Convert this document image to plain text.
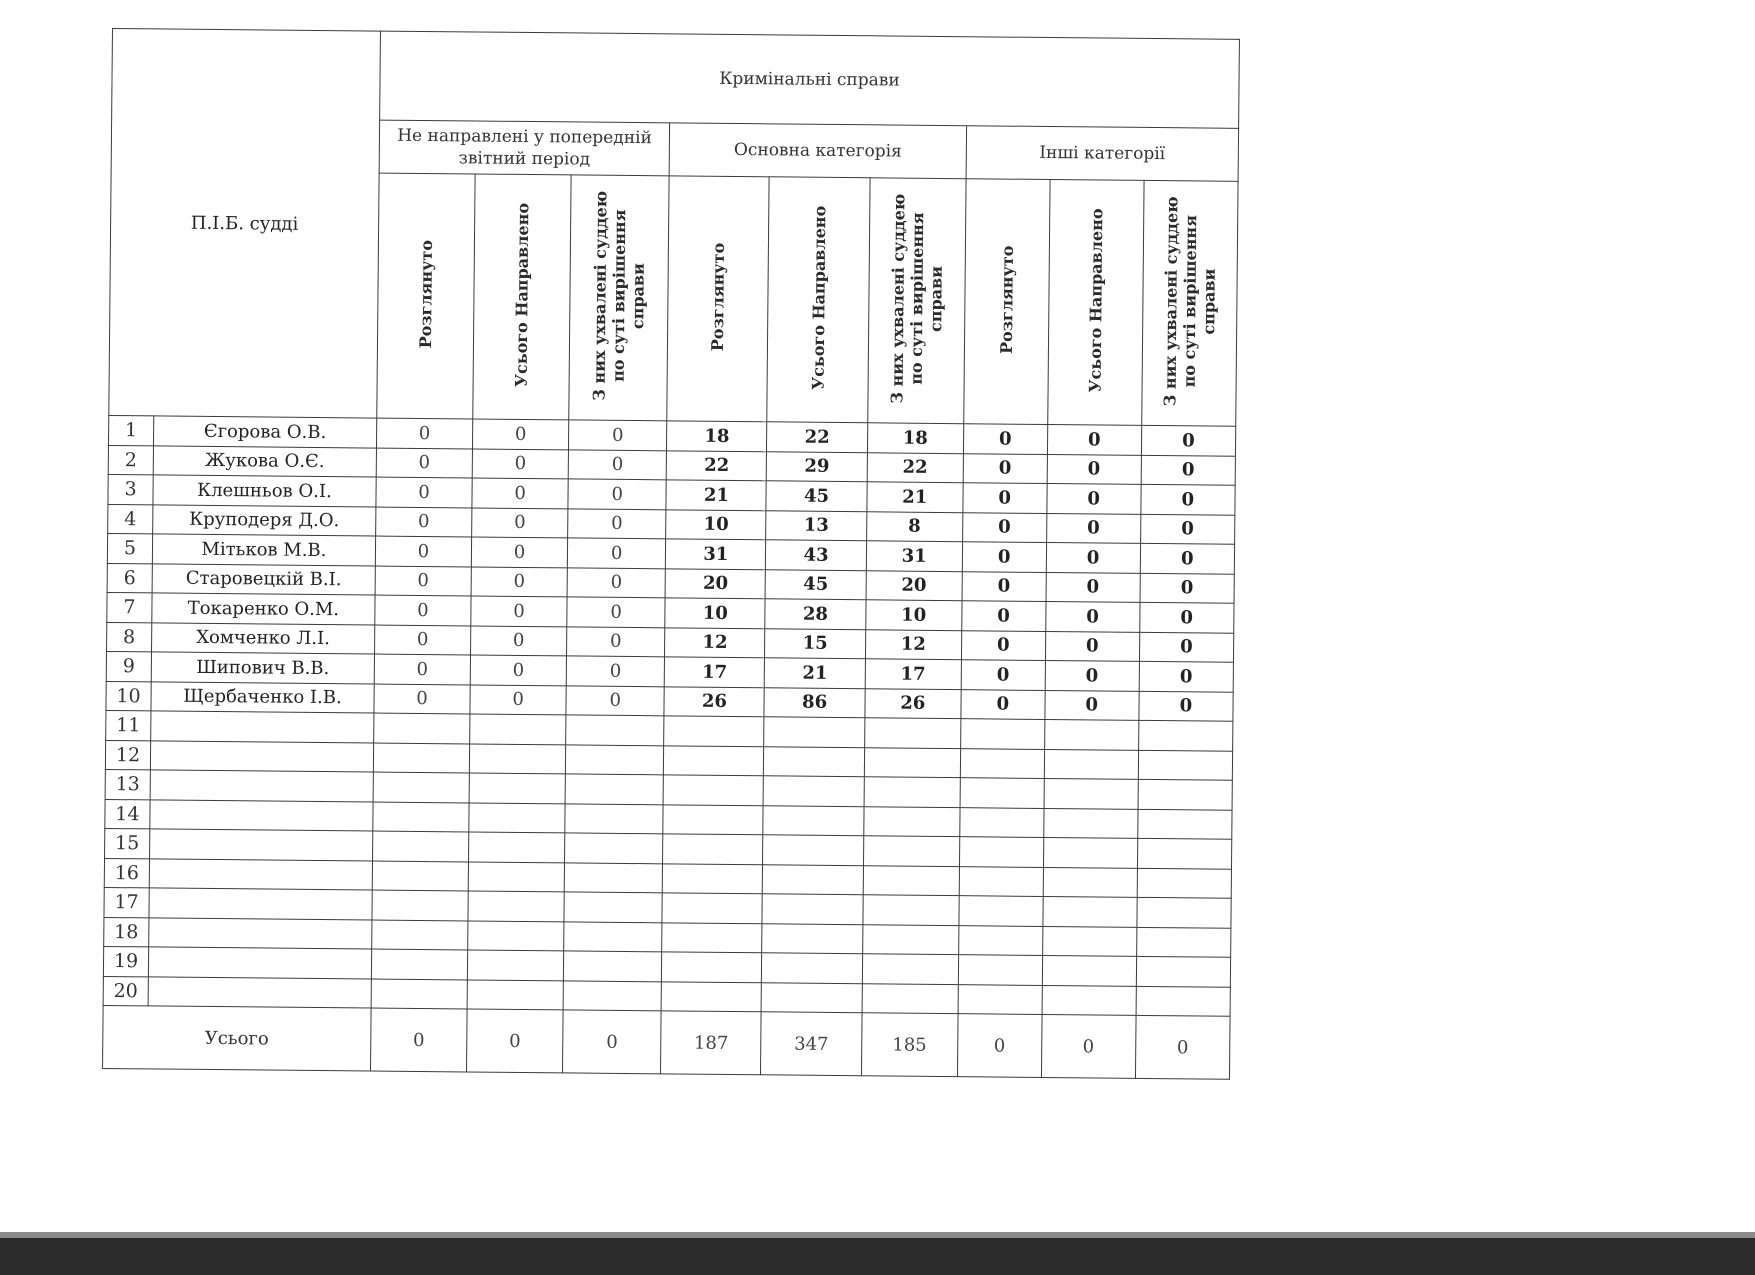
П.І.Б. судді		Кримінальні справи								
		Не направлені у попередній звітний період			Основна категорія			Інші категорії		
		Розглянуто	Усього Направлено	З них ухвалені суддею по суті вирішення справи	Розглянуто	Усього Направлено	З них ухвалені суддею по суті вирішення справи	Розглянуто	Усього Направлено	З них ухвалені суддею по суті вирішення справи
1	Єгорова О.В.	0	0	0	18	22	18	0	0	0
2	Жукова О.Є.	0	0	0	22	29	22	0	0	0
3	Клешньов О.І.	0	0	0	21	45	21	0	0	0
4	Круподеря Д.О.	0	0	0	10	13	8	0	0	0
5	Мітьков М.В.	0	0	0	31	43	31	0	0	0
6	Старовецкій В.І.	0	0	0	20	45	20	0	0	0
7	Токаренко О.М.	0	0	0	10	28	10	0	0	0
8	Хомченко Л.І.	0	0	0	12	15	12	0	0	0
9	Шипович В.В.	0	0	0	17	21	17	0	0	0
10	Щербаченко І.В.	0	0	0	26	86	26	0	0	0
11										
12										
13										
14										
15										
16										
17										
18										
19										
20										
Усього		0	0	0	187	347	185	0	0	0
